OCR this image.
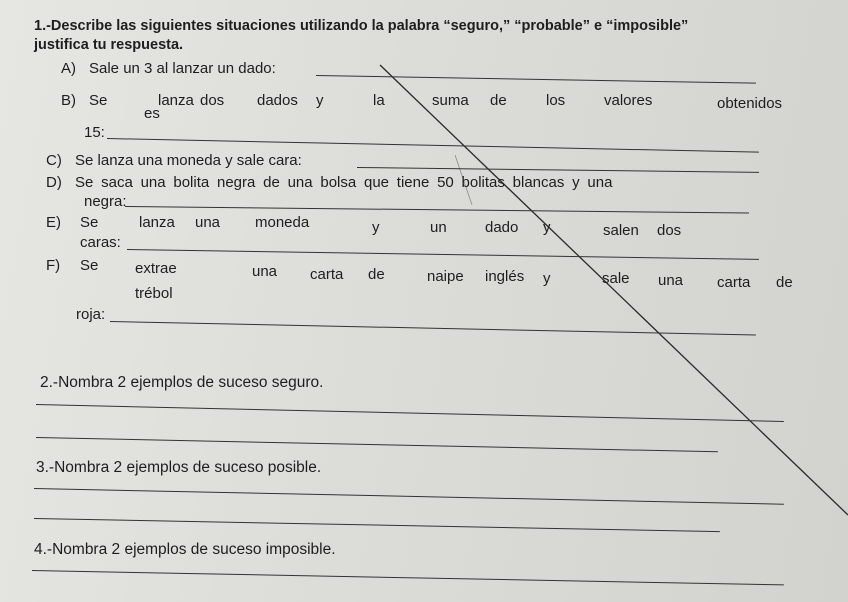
1.-Describe las siguientes situaciones utilizando la palabra “seguro,” “probable” e “imposible”
justifica tu respuesta.
A) Sale un 3 al lanzar un dado:
B) Se	lanza dos dados y	la	suma de	los	valores	obtenidos
es
15:
C) Se lanza una moneda y sale cara:
D) Se saca una bolita negra de una bolsa que tiene 50 bolitas blancas y una
negra:
E) Se	lanza una moneda	y	un	dado y	salen dos
caras:
F) Se extrae	una carta de	naipe inglés y	sale una carta de
trébol
roja:
2.-Nombra 2 ejemplos de suceso seguro.
3.-Nombra 2 ejemplos de suceso posible.
4.-Nombra 2 ejemplos de suceso imposible.
